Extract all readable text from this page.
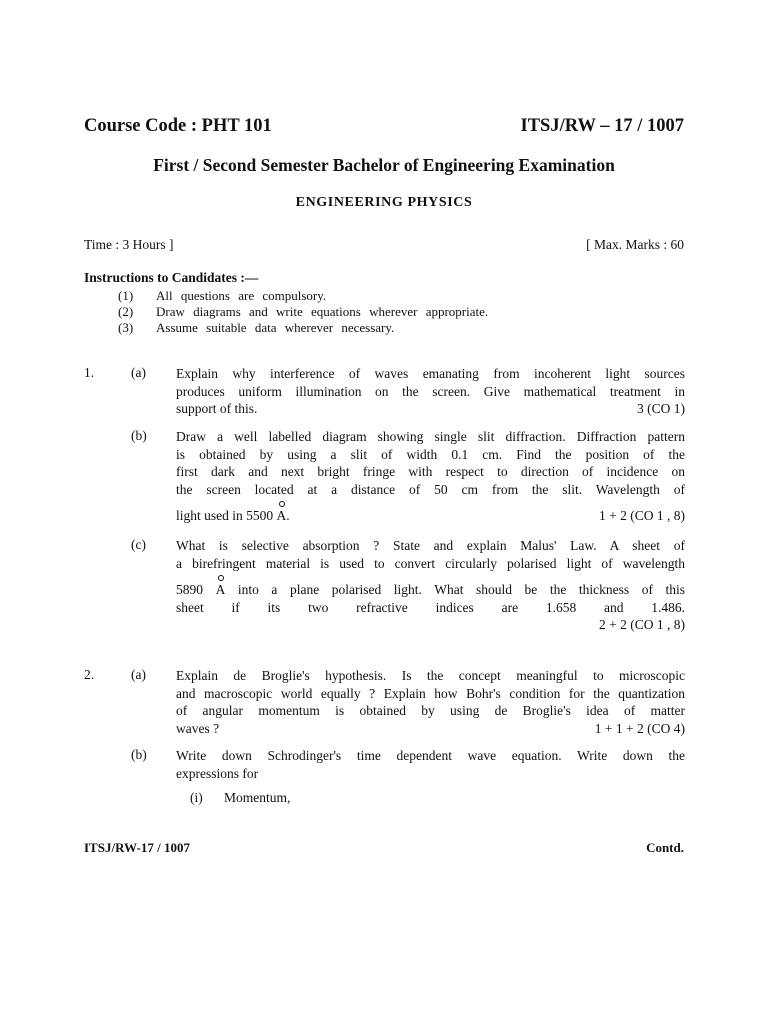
Course Code : PHT 101	ITSJ/RW – 17 / 1007
First / Second Semester Bachelor of Engineering Examination
ENGINEERING PHYSICS
Time : 3 Hours ]	[ Max. Marks : 60
Instructions to Candidates :—
(1) All questions are compulsory.
(2) Draw diagrams and write equations wherever appropriate.
(3) Assume suitable data wherever necessary.
1.	(a) Explain why interference of waves emanating from incoherent light sources
produces uniform illumination on the screen. Give mathematical treatment in
support of this.	3 (CO 1)
(b) Draw a well labelled diagram showing single slit diffraction. Diffraction pattern
is obtained by using a slit of width 0.1 cm. Find the position of the
first dark and next bright fringe with respect to direction of incidence on
the screen located at a distance of 50 cm from the slit. Wavelength of
light used in 5500 A.	1 + 2 (CO 1 , 8)
(c) What is selective absorption ? State and explain Malus' Law. A sheet of
a birefringent material is used to convert circularly polarised light of wavelength
5890 A into a plane polarised light. What should be the thickness of this
sheet if its two refractive indices are 1.658 and 1.486.
2 + 2 (CO 1 , 8)
2.	(a) Explain de Broglie's hypothesis. Is the concept meaningful to microscopic
and macroscopic world equally ? Explain how Bohr's condition for the quantization
of angular momentum is obtained by using de Broglie's idea of matter
waves ?	1 + 1 + 2 (CO 4)
(b) Write down Schrodinger's time dependent wave equation. Write down the
expressions for
(i) Momentum,
ITSJ/RW-17 / 1007	Contd.
